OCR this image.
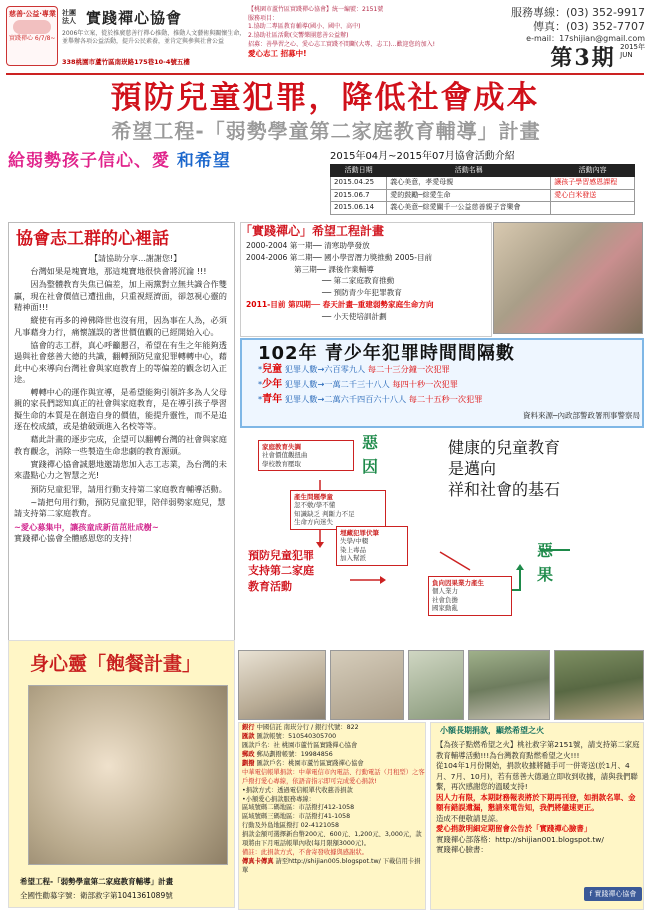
慈善‧公益‧專業
實踐禪心 6/7/8~
社團法人 實踐禪心協會
2006年立案，從於推廣慈善行禪心推動，推動人文藝術與關懷生命，並舉辦各項公益活動，提升公民素養，並肯定與參與社會公益
338桃園市蘆竹區南崁路175巷10-4號五樓
【桃園市蘆竹區實踐禪心協會】統一編號：2151號
服務項目：
1.協助二專區教育輔導(國小、國中、高中)
2.協助社區活動(交響樂團慈善公益辦)
招募：善學習之心、愛心志工實踐不間斷(大專、志工)…歡迎您的加入!
愛心志工 招募中!
服務專線：(03) 352-9917
傳真：(03) 352-7707
e-mail：17shijian@gmail.com
第3期 2015年
JUN
預防兒童犯罪，降低社會成本
希望工程-「弱勢學童第二家庭教育輔導」計畫
給弱勢孩子信心、愛 和希望	2015年04月~2015年07月協會活動介紹
活動日期	活動名稱	活動內容
2015.04.25	義心美意，孝愛母親	讓孩子學習感恩課程
2015.06.7	愛的鼓勵─綜愛生命	愛心白米發送
2015.06.14	義心美意─綜愛關千一公益慈善親子音樂會	
協會志工群的心裡話
【請協助分享…謝謝您!】

台灣如果是塊寶地，那這塊寶地很快會將沉淪 !!!

因為整體教育失焦已偏差，加上兩黨對立無共識合作雙贏，現在社會價值已遭扭曲，只重視經濟面，卻忽視心靈的精神面!!!

縱使有再多的神佛降世也沒有用，因為事在人為，必須凡事藉身力行，痛懷謹誤的著世價值觀的已經開始入心。

協會的志工群，真心呼籲懇召，希望在有生之年能夠透過與社會慈善大德的共識，翻轉預防兒童犯罪轉轉中心，藉此中心來導向台灣社會與家庭教育上的等偏差的觀念切入正途。

轉轉中心的運作與宣導，是希望能夠引領許多為人父母親的家長們認知真正的社會與家庭教育，是在導引孩子學習擬生命的本質是在創造自身的價值，能提升靈性，而不是追逐在校成績，或是搶破頭進入名校等等。

藉此計畫的逐步完成，企望可以翻轉台灣的社會與家庭教育觀念，消除一些製造生命悲劇的教育源頭。

實踐禪心協會誠懇地邀請您加入志工志業，為台灣的未來盡點心力之智慧之光!

預防兒童犯罪，請用行動支持第二家庭教育輔導活動。

~請把句用行動，預防兒童犯罪，陪伴弱勢家庭兒，慧請支持第二家庭教育。

~愛心募集中，讓孩童成新苗茁壯成樹~
實踐禪心協會全體感恩您的支持！
「實踐禪心」希望工程計畫
2000-2004 第一期── 清寒助學發放
2004-2006 第二期── 國小學習潛力獎推動 2005-目前
第三期── 課後作業輔導
── 第二家庭教育推動
── 預防青少年犯罪教育
2011-目前 第四期── 春天計畫─重建弱勢家庭生命方向
── 小天使培訓計劃
102年 青少年犯罪時間間隔數
*兒童 犯罪人數→六百零九人 每二十三分鐘一次犯罪
*少年 犯罪人數→一萬二千三十八人 每四十秒一次犯罪
*青年 犯罪人數→二萬六千四百六十八人 每二十五秒一次犯罪
資料來源─內政部警政署刑事警察局
家庭教育失調
社會價值觀扭曲
學校教育壓取
產生問題學童
忽不敷/學不懂
知識缺乏 判斷力不足
生命方向迷失
埋藏犯罪伏筆
失學/中輟
染上毒品
加入幫派
負向因果業力產生
個人業力
社會負擔
國家動亂
惡
因
惡
果
健康的兒童教育
是邁向
祥和社會的基石
預防兒童犯罪
支持第二家庭
教育活動
身心靈「飽餐計畫」
希望工程-「弱勢學童第二家庭教育輔導」計畫
全國性勸募字號：衛部救字第1041361089號
銀行 中國信託 南崁分行 / 銀行代號：822
匯款 匯款帳號：510540305700
匯款戶名：社 桃園市蘆竹區實踐禪心協會
郵政 郵局劃撥帳號：19984856
劃撥 匯款戶名：桃園市蘆竹區實踐禪心協會
中華電信帳單捐款：中華電信市內電話、行動電話（月租型）之客戶撥打愛心專線，依語音指示即可完成愛心捐款!
•捐款方式：透過電信帳單代收慈善捐款
•小額愛心捐款服務專線：
區域號碼二碼地區：市話撥打412-1058
區域號碼三碼地區：市話撥打41-1058
行動及外島地區撥打 02-4121058
捐款金額可選擇新台幣200元、600元、1,200元、3,000元，款項將由下月電話帳單內收(每月限額3000元)。
備註：此捐款方式，不會寄發收據與感謝狀。
傳真卡傳真 請至http://shijian005.blogspot.tw/ 下載信用卡捐單
小額長期捐款，顯然希望之火
【為孩子點燃希望之火】桃社救字第2151號，請支持第二家庭教育輔導活動!!!為台灣教育點燃希望之火!!!
從104年1月份開始，捐款收據將隨手可一併寄送(於1月、4月、7月、10月)，若有慈善大德過立即收到收據，請與我們聯繫，再次感謝您的溫暖支持!
因人力有限，本期財務報表將於下期再刊登，如捐款名單、金額有錯誤遺漏，懇請來電告知，我們將儘速更正。
造成不便敬請見諒。
愛心捐款明細定期留會公告於「實踐禪心臉書」
實踐禪心部落格：http://shijian001.blogspot.tw/
實踐禪心臉書：
f 實踐禪心協會
